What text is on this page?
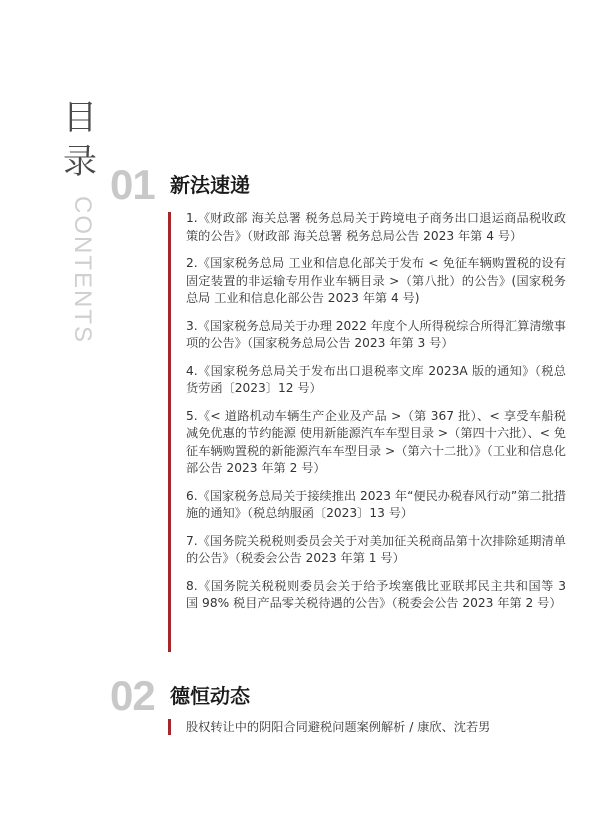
目
录
CONTENTS
01 新法速递

1.《财政部 海关总署 税务总局关于跨境电子商务出口退运商品税收政策的公告》（财政部 海关总署 税务总局公告 2023 年第 4 号）

2.《国家税务总局 工业和信息化部关于发布 < 免征车辆购置税的设有固定装置的非运输专用作业车辆目录 >（第八批）的公告》(国家税务总局 工业和信息化部公告 2023 年第 4 号)

3.《国家税务总局关于办理 2022 年度个人所得税综合所得汇算清缴事项的公告》（国家税务总局公告 2023 年第 3 号）

4.《国家税务总局关于发布出口退税率文库 2023A 版的通知》（税总货劳函〔2023〕12 号）

5.《< 道路机动车辆生产企业及产品 >（第 367 批）、< 享受车船税减免优惠的节约能源 使用新能源汽车车型目录 >（第四十六批）、< 免征车辆购置税的新能源汽车车型目录 >（第六十二批）》（工业和信息化部公告 2023 年第 2 号）

6.《国家税务总局关于接续推出 2023 年“便民办税春风行动”第二批措施的通知》（税总纳服函〔2023〕13 号）

7.《国务院关税税则委员会关于对美加征关税商品第十次排除延期清单的公告》（税委会公告 2023 年第 1 号）

8.《国务院关税税则委员会关于给予埃塞俄比亚联邦民主共和国等 3 国 98% 税目产品零关税待遇的公告》（税委会公告 2023 年第 2 号）

02 德恒动态
股权转让中的阴阳合同避税问题案例解析 / 康欣、沈若男
